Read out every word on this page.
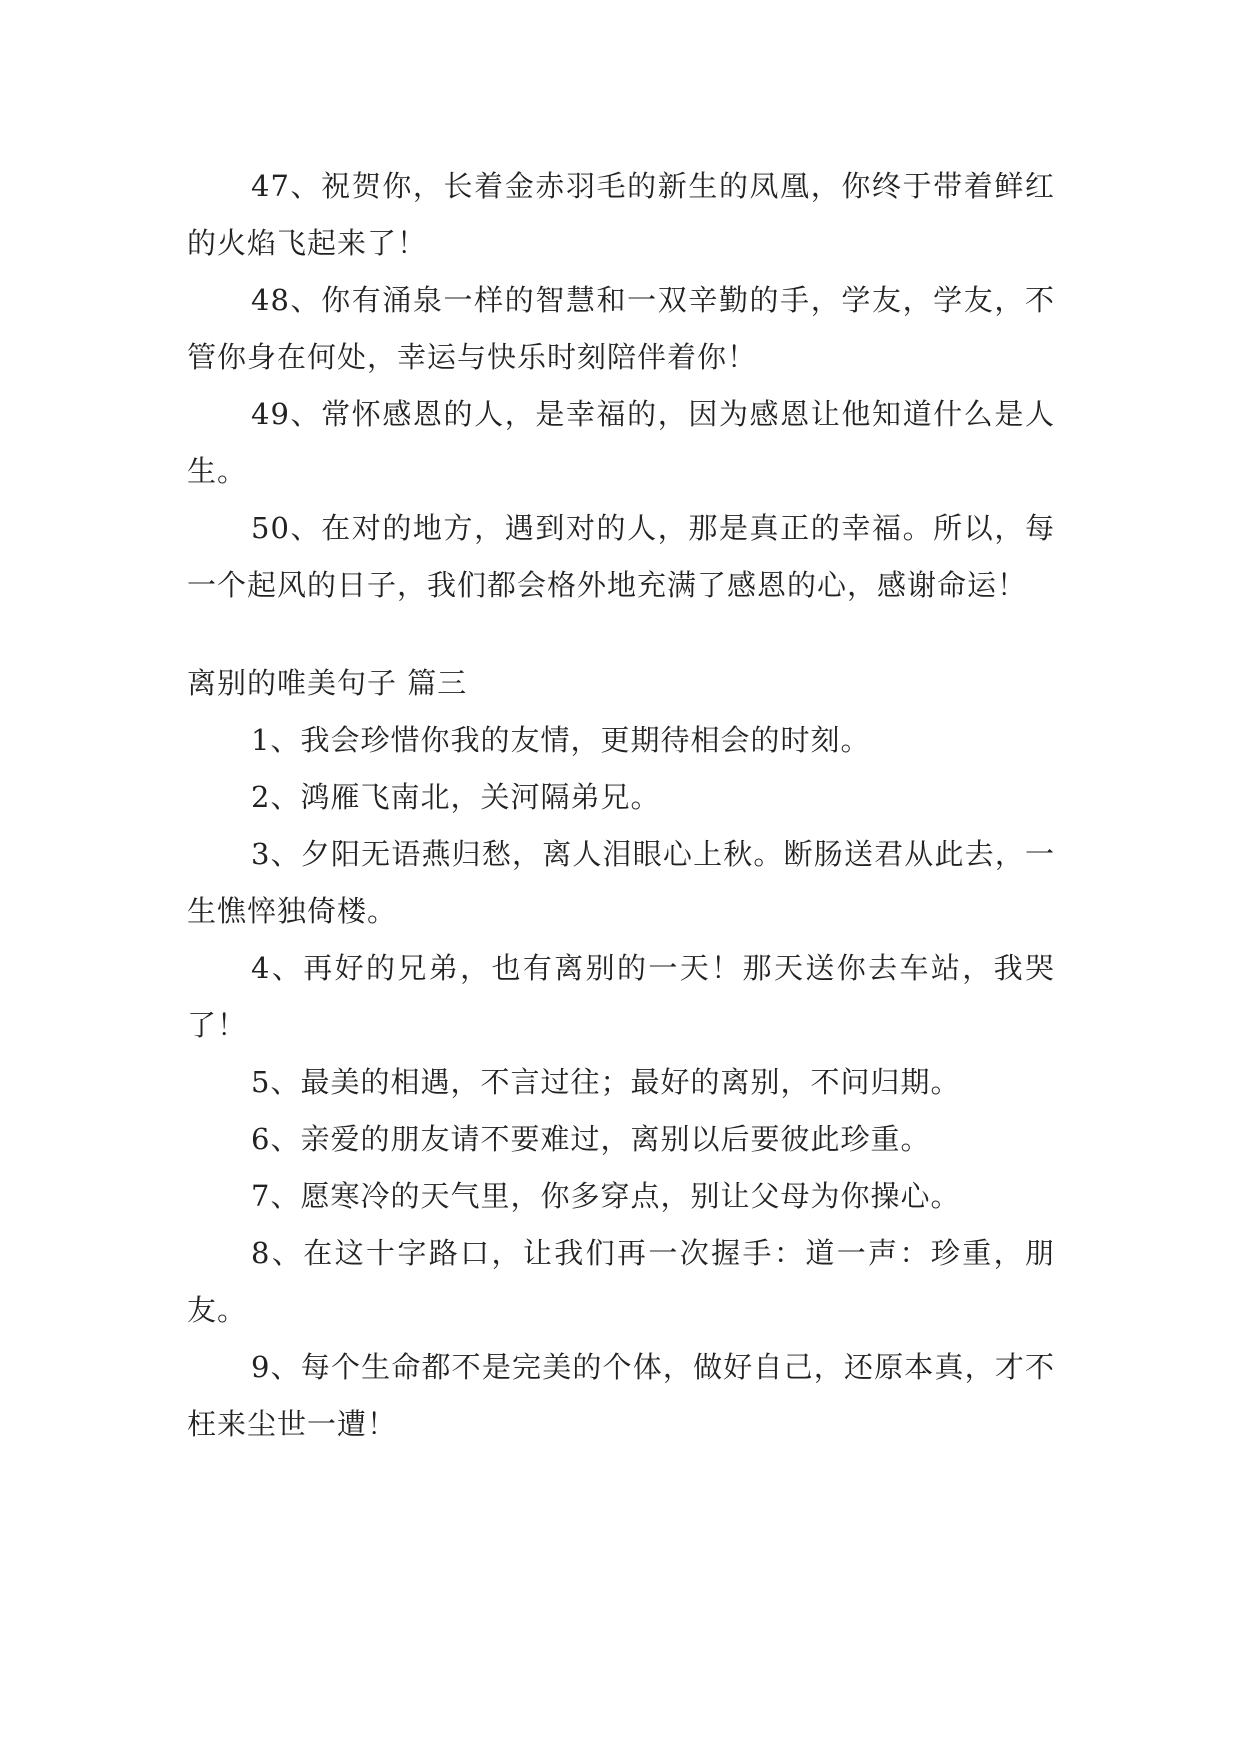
47、祝贺你，长着金赤羽毛的新生的凤凰，你终于带着鲜红的火焰飞起来了！

48、你有涌泉一样的智慧和一双辛勤的手，学友，学友，不管你身在何处，幸运与快乐时刻陪伴着你！

49、常怀感恩的人，是幸福的，因为感恩让他知道什么是人生。

50、在对的地方，遇到对的人，那是真正的幸福。所以，每一个起风的日子，我们都会格外地充满了感恩的心，感谢命运！

离别的唯美句子 篇三

1、我会珍惜你我的友情，更期待相会的时刻。

2、鸿雁飞南北，关河隔弟兄。

3、夕阳无语燕归愁，离人泪眼心上秋。断肠送君从此去，一生憔悴独倚楼。

4、再好的兄弟，也有离别的一天！那天送你去车站，我哭了！

5、最美的相遇，不言过往；最好的离别，不问归期。

6、亲爱的朋友请不要难过，离别以后要彼此珍重。

7、愿寒冷的天气里，你多穿点，别让父母为你操心。

8、在这十字路口，让我们再一次握手：道一声：珍重，朋友。

9、每个生命都不是完美的个体，做好自己，还原本真，才不枉来尘世一遭！
